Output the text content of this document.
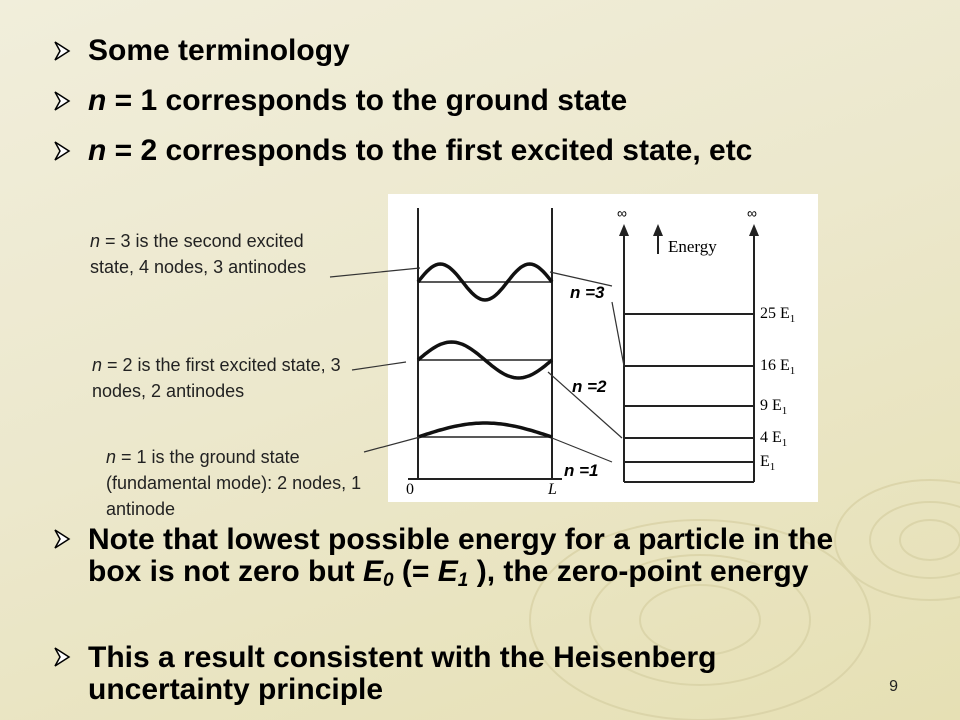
Some terminology
n = 1 corresponds to the ground state
n = 2 corresponds to the first excited state, etc
n = 3 is the second excited state, 4 nodes, 3 antinodes
n = 2 is the first excited state, 3 nodes, 2 antinodes
n = 1 is the ground state (fundamental mode): 2 nodes, 1 antinode
0	L
∞	∞
Energy
25 $E_1$
16 $E_1$
9 $E_1$
4 $E_1$
$E_1$
n =3
n =2
n =1
Note that lowest possible energy for a particle in the
box is not zero but $E_0$ (= $E_1$ ), the zero-point energy
This a result consistent with the Heisenberg
uncertainty principle	9
